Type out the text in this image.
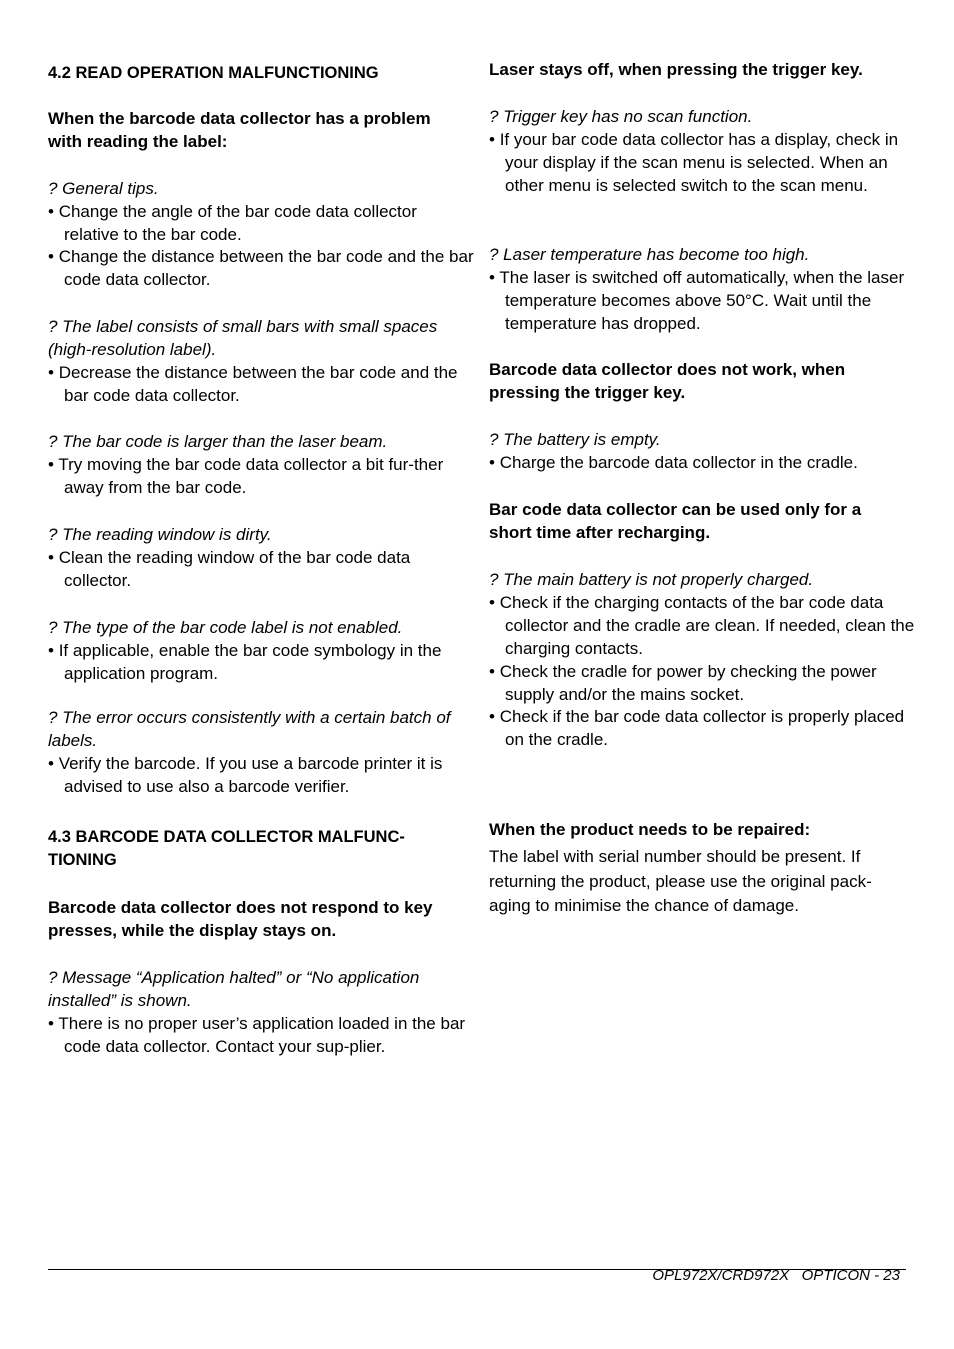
4.2 READ OPERATION MALFUNCTIONING
When the barcode data collector has a problem with reading the label:
? General tips.
• Change the angle of the bar code data collector relative to the bar code.
• Change the distance between the bar code and the bar code data collector.
? The label consists of small bars with small spaces (high-resolution label).
• Decrease the distance between the bar code and the bar code data collector.
? The bar code is larger than the laser beam.
• Try moving the bar code data collector a bit fur-ther away from the bar code.
? The reading window is dirty.
• Clean the reading window of the bar code data collector.
? The type of the bar code label is not enabled.
• If applicable, enable the bar code symbology in the application program.
? The error occurs consistently with a certain batch of labels.
• Verify the barcode. If you use a barcode printer it is advised to use also a barcode verifier.
4.3 BARCODE DATA COLLECTOR MALFUNC-TIONING
Barcode data collector does not respond to key presses, while the display stays on.
? Message “Application halted” or “No application installed” is shown.
• There is no proper user’s application loaded in the bar code data collector. Contact your sup-plier.
Laser stays off, when pressing the trigger key.
? Trigger key has no scan function.
• If your bar code data collector has a display, check in your display if the scan menu is selected. When an other menu is selected switch to the scan menu.
? Laser temperature has become too high.
• The laser is switched off automatically, when the laser temperature becomes above 50°C. Wait until the temperature has dropped.
Barcode data collector does not work, when pressing the trigger key.
? The battery is empty.
• Charge the barcode data collector in the cradle.
Bar code data collector can be used only for a short time after recharging.
? The main battery is not properly charged.
• Check if the charging contacts of the bar code data collector and the cradle are clean. If needed, clean the charging contacts.
• Check the cradle for power by checking the power supply and/or the mains socket.
• Check if the bar code data collector is properly placed on the cradle.
When the product needs to be repaired:
The label with serial number should be present. If returning the product, please use the original pack-aging to minimise the chance of damage.
OPL972X/CRD972X   OPTICON - 23
